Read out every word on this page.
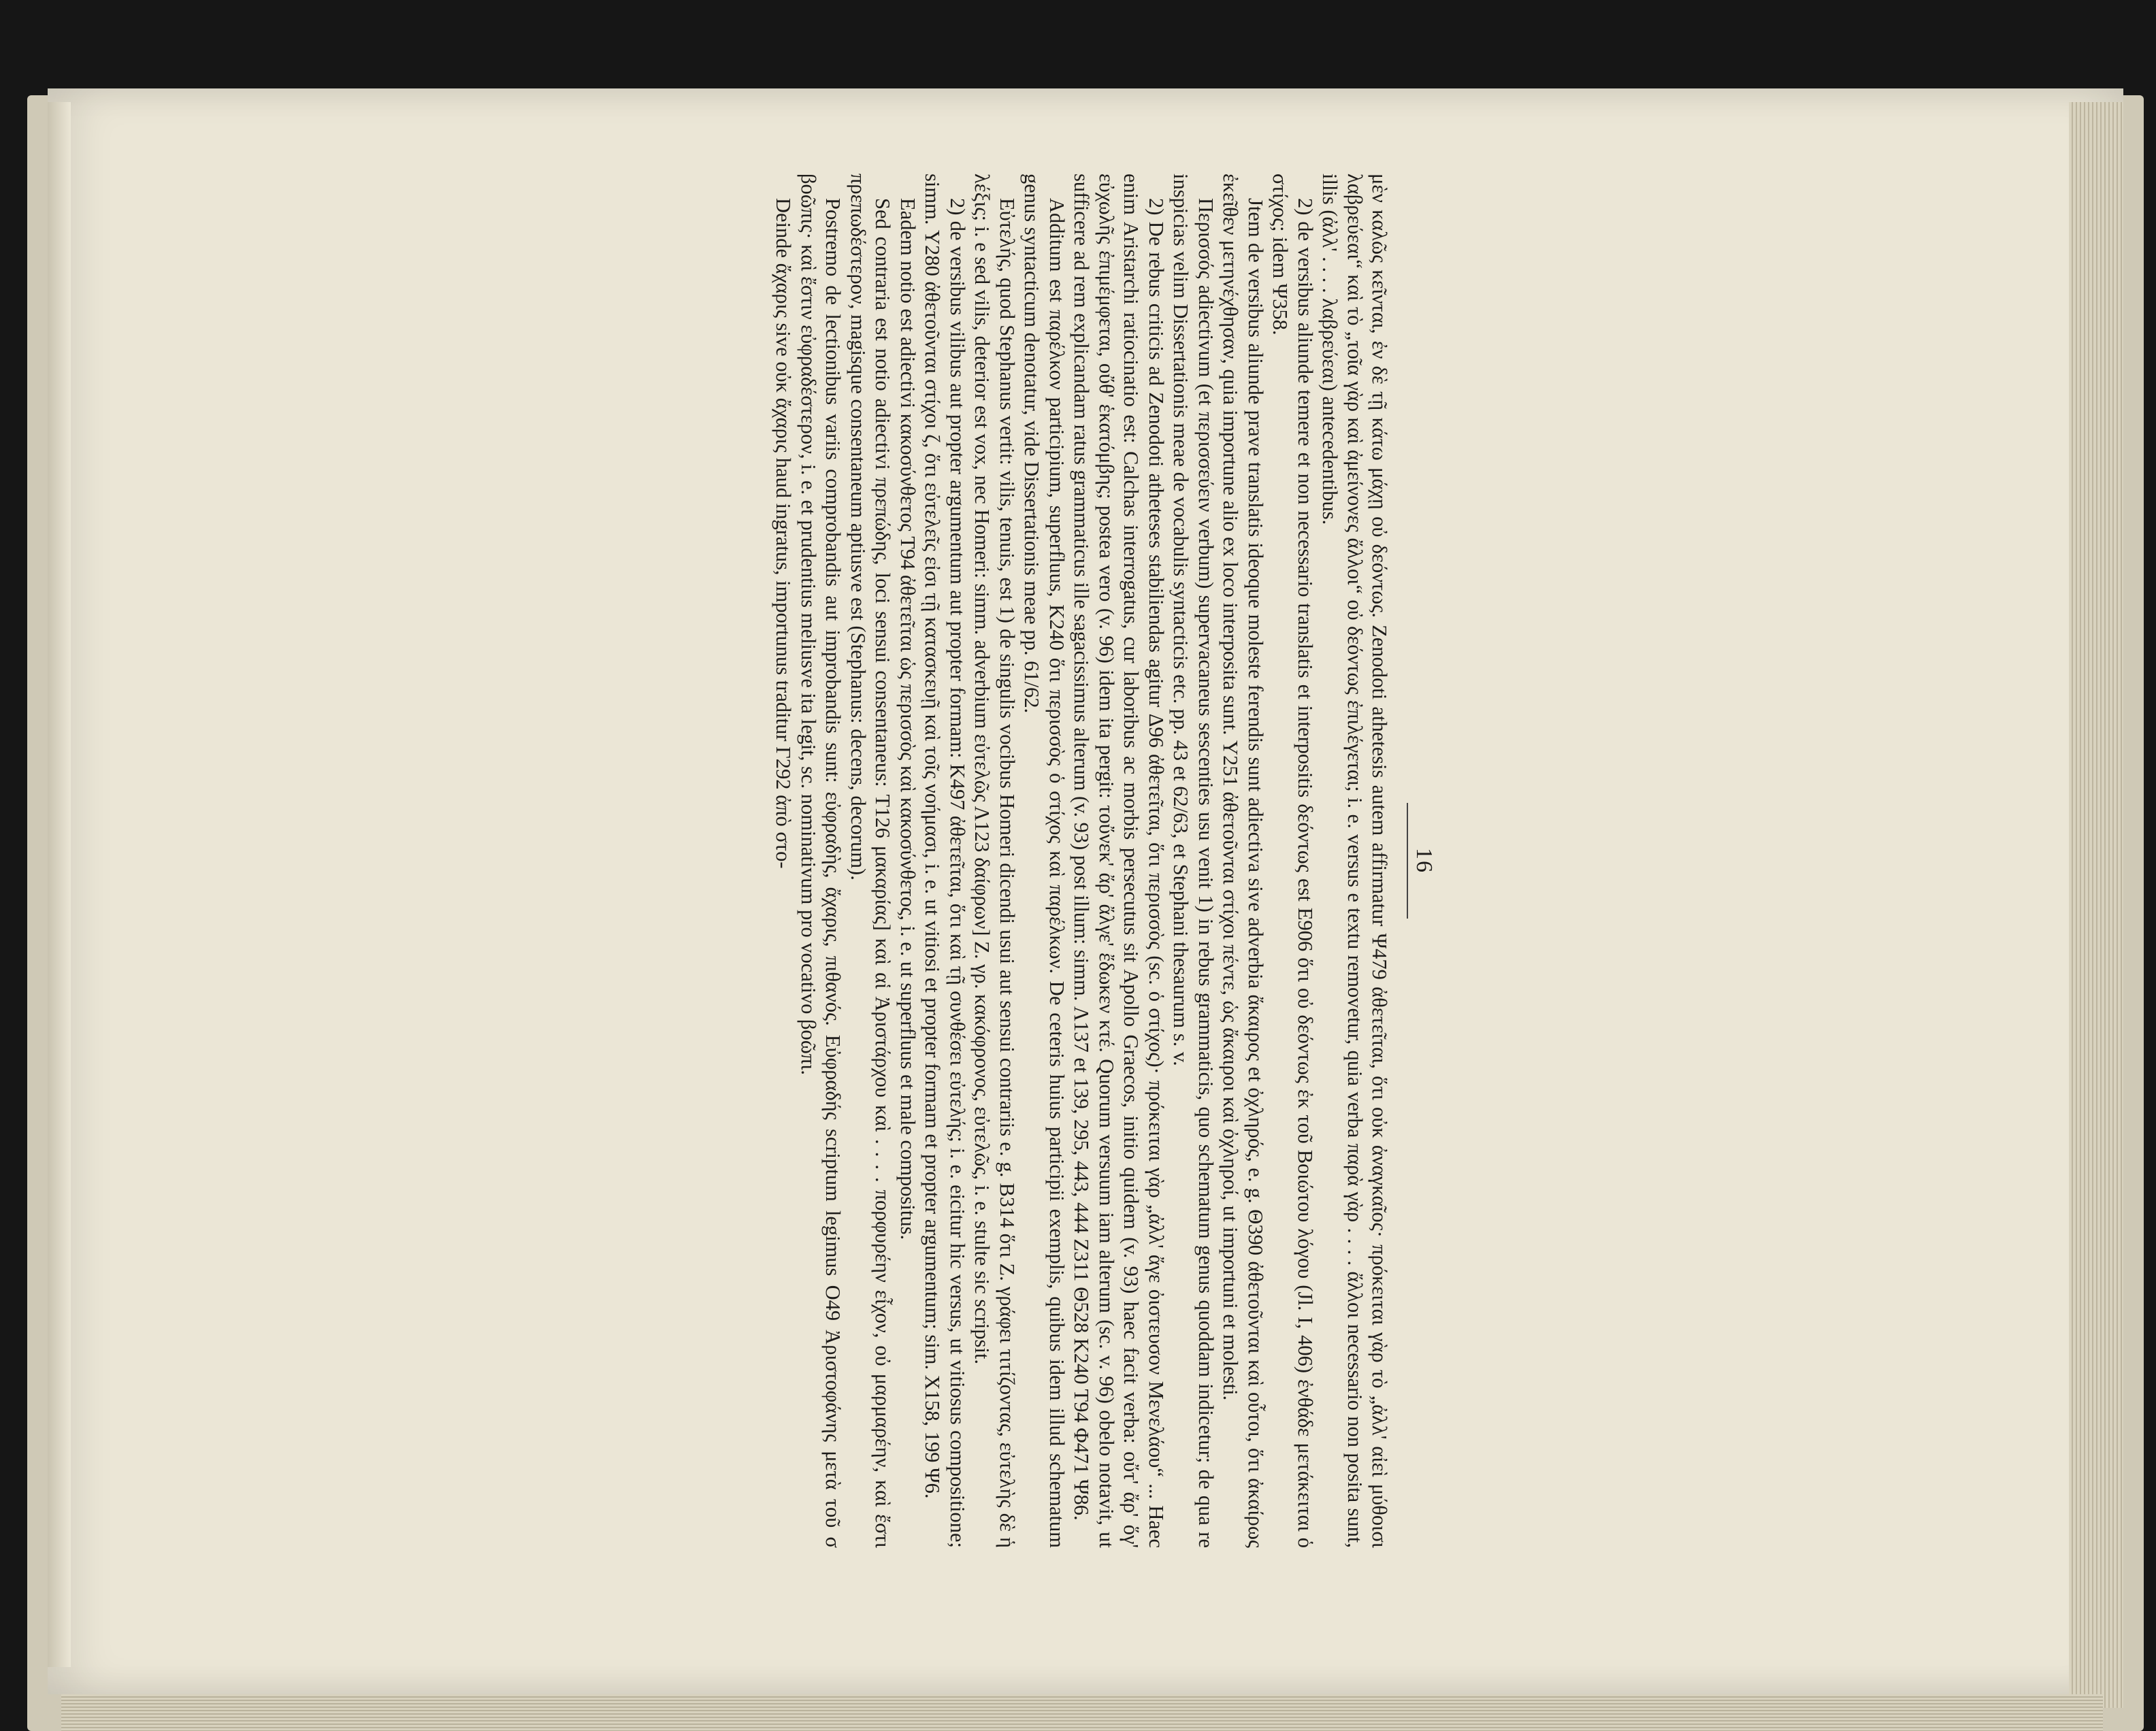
16

μὲν καλῶς κεῖνται, ἐν δὲ τῇ κάτω μάχῃ οὐ δεόντως. Zenodoti athetesis autem affirmatur Ψ479 ἀθετεῖται, ὅτι οὐκ ἀναγκαῖος· πρόκειται γὰρ τὸ „ἀλλ' αἰεὶ μύθοισι λαβρεύεαι“ καὶ τὸ „τοῖα γὰρ καὶ ἀμείνονες ἄλλοι“ οὐ δεόντως ἐπιλέγεται; i. e. versus e textu removetur, quia verba παρὰ γὰρ . . . . ἄλλοι necessario non posita sunt, illis (ἀλλ' . . . . λαβρεύεαι) antecedentibus.

2) de versibus aliunde temere et non necessario translatis et interpositis δεόντως est Ε906 ὅτι οὐ δεόντως ἐκ τοῦ Βοιώτου λόγου (Jl. I, 406) ἐνθάδε μετάκειται ὁ στίχος; idem Ψ358.

Jtem de versibus aliunde prave translatis ideoque moleste ferendis sunt adiectiva sive adverbia ἄκαιρος et ὀχληρός, e. g. Θ390 ἀθετοῦνται καὶ οὗτοι, ὅτι ἀκαίρως ἐκεῖθεν μετηνέχθησαν, quia importune alio ex loco interposita sunt. Υ251 ἀθετοῦνται στίχοι πέντε, ὡς ἄκαιροι καὶ ὀχληροί, ut importuni et molesti.

Περισσός adiectivum (et περισσεύειν verbum) supervacaneus sescenties usu venit 1) in rebus grammaticis, quo schematum genus quoddam indicetur; de qua re inspicias velim Dissertationis meae de vocabulis syntacticis etc. pp. 43 et 62/63, et Stephani thesaurum s. v.

2) De rebus criticis ad Zenodoti atheteses stabiliendas agitur Δ96 ἀθετεῖται, ὅτι περισσὸς (sc. ὁ στίχος)· πρόκειται γὰρ „ἀλλ' ἄγε ὀιστευσον Μενελάου“ ... Haec enim Aristarchi ratiocinatio est: Calchas interrogatus, cur laboribus ac morbis persecutus sit Apollo Graecos, initio quidem (v. 93) haec facit verba: οὔτ' ἄρ' ὅγ' εὐχωλῆς ἐπιμέμφεται, οὔθ' ἑκατόμβης; postea vero (v. 96) idem ita pergit: τοὔνεκ' ἄρ' ἄλγε' ἔδωκεν κτέ. Quorum versuum iam alterum (sc. v. 96) obelo notavit, ut sufficere ad rem explicandam ratus grammaticus ille sagacissimus alterum (v. 93) post illum: simm. Λ137 et 139, 295, 443, 444 Ζ311 Θ528 Κ240 Τ94 Φ471 Ψ86.

Additum est παρέλκον participium, superfluus, Κ240 ὅτι περισσὸς ὁ στίχος καὶ παρέλκων. De ceteris huius participii exemplis, quibus idem illud schematum genus syntacticum denotatur, vide Dissertationis meae pp. 61/62.

Εὐτελής, quod Stephanus vertit: vilis, tenuis, est 1) de singulis vocibus Homeri dicendi usui aut sensui contrariis e. g. Β314 ὅτι Ζ. γράφει τιτίζοντας, εὐτελὴς δὲ ἡ λέξις; i. e sed vilis, deterior est vox, nec Homeri: simm. adverbium εὐτελῶς Λ123 δαίφρων] Ζ. γρ. κακόφρονος, εὐτελῶς, i. e. stulte sic scripsit.

2) de versibus vilibus aut propter argumentum aut propter formam: Κ497 ἀθετεῖται, ὅτι καὶ τῇ συνθέσει εὐτελής; i. e. eicitur hic versus, ut vitiosus compositione; simm. Υ280 ἀθετοῦνται στίχοι ζ, ὅτι εὐτελεῖς εἰσι τῇ κατασκευῇ καὶ τοῖς νοήμασι, i. e. ut vitiosi et propter formam et propter argumentum; sim. Χ158, 199 Ψ6.

Eadem notio est adiectivi κακοσύνθετος Τ94 ἀθετεῖται ὡς περισσὸς καὶ κακοσύνθετος, i. e. ut superfluus et male compositus.

Sed contraria est notio adiectivi πρεπώδης, loci sensui consentaneus: Τ126 μακαρίας] καὶ αἱ Ἀριστάρχου καὶ . . . . πορφυρέην εἶχον, οὐ μαρμαρέην, καὶ ἔστι πρεπωδέστερον, magisque consentaneum aptiusve est (Stephanus: decens, decorum).

Postremo de lectionibus variis comprobandis aut improbandis sunt: εὐφραδὴς, ἄχαρις, πιθανός. Εὐφραδής scriptum legimus Ο49 Ἀριστοφάνης μετὰ τοῦ σ βοῶπις· καὶ ἔστιν εὐφραδέστερον, i. e. et prudentius meliusve ita legit, sc. nominativum pro vocativo βοῶπι.

Deinde ἄχαρις sive οὐκ ἄχαρις haud ingratus, importunus traditur Γ292 ἀπὸ στο-
